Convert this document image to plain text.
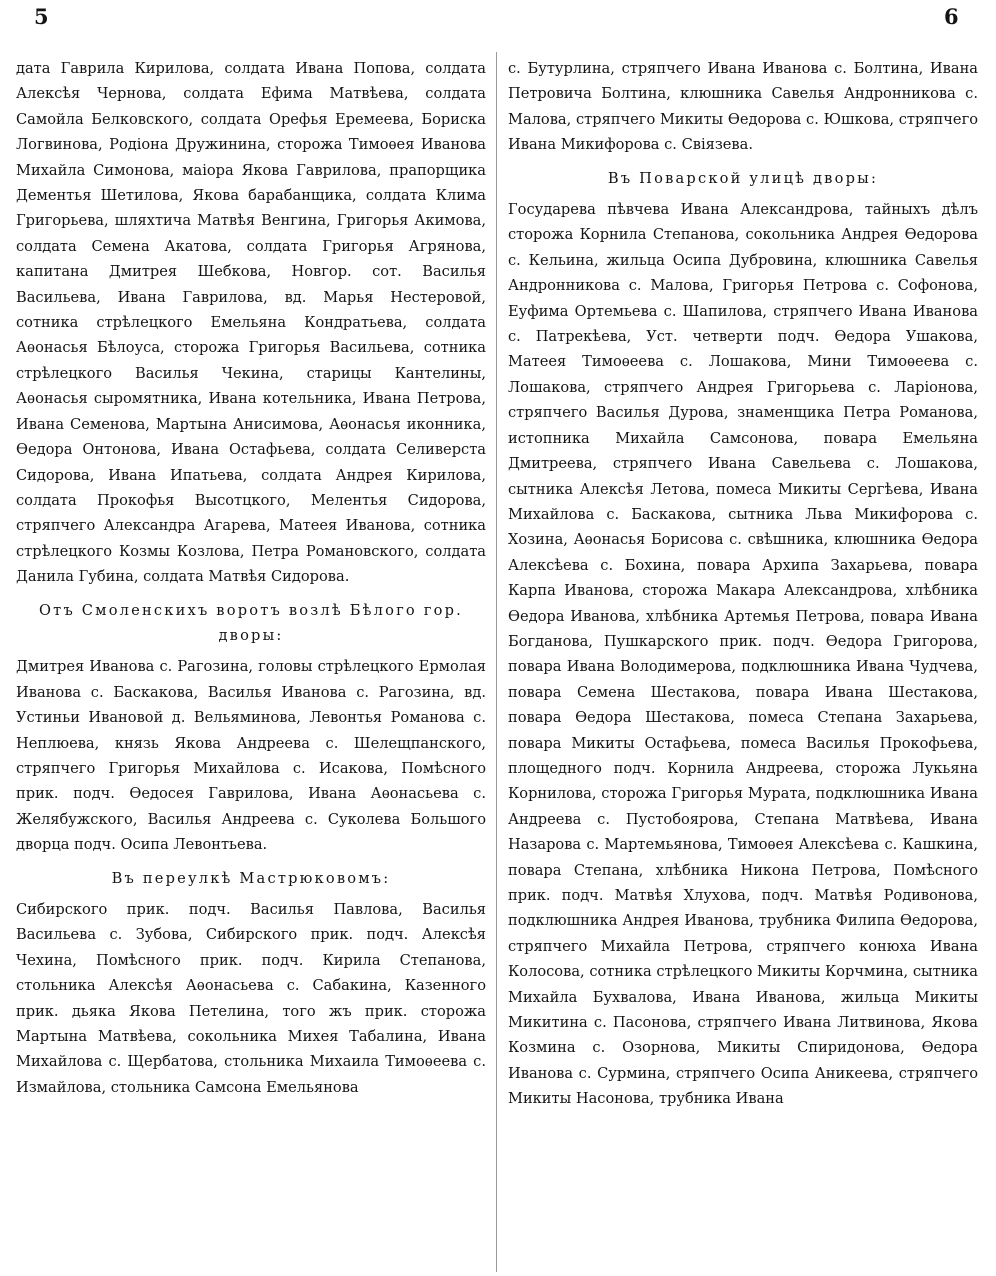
5	6

дата Гаврила Кирилова, солдата Ивана Попова, солдата Алексѣя Чернова, солдата Ефима Матвѣева, солдата Самойла Белковского, солдата Орефья Еремеева, Бориска Логвинова, Родiона Дружинина, сторожа Тимоѳея Иванова Михайла Симонова, маiора Якова Гаврилова, прапорщика Дементья Шетилова, Якова барабанщика, солдата Клима Григорьева, шляхтича Матвѣя Венгина, Григорья Акимова, солдата Семена Акатова, солдата Григорья Агрянова, капитана Дмитрея Шебкова, Новгор. сот. Василья Васильева, Ивана Гаврилова, вд. Марья Нестеровой, сотника стрѣлецкого Емельяна Кондратьева, солдата Аѳонасья Бѣлоуса, сторожа Григорья Васильева, сотника стрѣлецкого Василья Чекина, старицы Кантелины, Аѳонасья сыромятника, Ивана котельника, Ивана Петрова, Ивана Семенова, Мартына Анисимова, Аѳонасья иконника, Ѳедора Онтонова, Ивана Остафьева, солдата Селиверста Сидорова, Ивана Ипатьева, солдата Андрея Кирилова, солдата Прокофья Высотцкого, Мелентья Сидорова, стряпчего Александра Агарева, Матеея Иванова, сотника стрѣлецкого Козмы Козлова, Петра Романовского, солдата Данила Губина, солдата Матвѣя Сидорова.

Отъ Смоленскихъ воротъ возлѣ Бѣлого гор. дворы:

Дмитрея Иванова с. Рагозина, головы стрѣлецкого Ермолая Иванова с. Баскакова, Василья Иванова с. Рагозина, вд. Устиньи Ивановой д. Вельяминова, Левонтья Романова с. Неплюева, князь Якова Андреева с. Шелещпанского, стряпчего Григорья Михайлова с. Исакова, Помѣсного прик. подч. Ѳедосея Гаврилова, Ивана Аѳонасьева с. Желябужского, Василья Андреева с. Суколева Большого дворца подч. Осипа Левонтьева.

Въ переулкѣ Мастрюковомъ:

Сибирского прик. подч. Василья Павлова, Василья Васильева с. Зубова, Сибирского прик. подч. Алексѣя Чехина, Помѣсного прик. подч. Кирила Степанова, стольника Алексѣя Аѳонасьева с. Сабакина, Казенного прик. дьяка Якова Петелина, того жъ прик. сторожа Мартына Матвѣева, сокольника Михея Табалина, Ивана Михайлова с. Щербатова, стольника Михаила Тимоѳеева с. Измайлова, стольника Самсона Емельянова

с. Бутурлина, стряпчего Ивана Иванова с. Болтина, Ивана Петровича Болтина, клюшника Савелья Андронникова с. Малова, стряпчего Микиты Ѳедорова с. Юшкова, стряпчего Ивана Микифорова с. Свiязева.

Въ Поварской улицѣ дворы:

Государева пѣвчева Ивана Александрова, тайныхъ дѣлъ сторожа Корнила Степанова, сокольника Андрея Ѳедорова с. Кельина, жильца Осипа Дубровина, клюшника Савелья Андронникова с. Малова, Григорья Петрова с. Софонова, Еуфима Ортемьева с. Шапилова, стряпчего Ивана Иванова с. Патрекѣева, Уст. четверти подч. Ѳедора Ушакова, Матеея Тимоѳеева с. Лошакова, Мини Тимоѳеева с. Лошакова, стряпчего Андрея Григорьева с. Ларiонова, стряпчего Василья Дурова, знаменщика Петра Романова, истопника Михайла Самсонова, повара Емельяна Дмитреева, стряпчего Ивана Савельева с. Лошакова, сытника Алексѣя Летова, помеса Микиты Сергѣева, Ивана Михайлова с. Баскакова, сытника Льва Микифорова с. Хозина, Аѳонасья Борисова с. свѣшника, клюшника Ѳедора Алексѣева с. Бохина, повара Архипа Захарьева, повара Карпа Иванова, сторожа Макара Александрова, хлѣбника Ѳедора Иванова, хлѣбника Артемья Петрова, повара Ивана Богданова, Пушкарского прик. подч. Ѳедора Григорова, повара Ивана Володимерова, подклюшника Ивана Чудчева, повара Семена Шестакова, повара Ивана Шестакова, повара Ѳедора Шестакова, помеса Степана Захарьева, повара Микиты Остафьева, помеса Василья Прокофьева, площедного подч. Корнила Андреева, сторожа Лукьяна Корнилова, сторожа Григорья Мурата, подклюшника Ивана Андреева с. Пустобоярова, Степана Матвѣева, Ивана Назарова с. Мартемьянова, Тимоѳея Алексѣева с. Кашкина, повара Степана, хлѣбника Никона Петрова, Помѣсного прик. подч. Матвѣя Хлухова, подч. Матвѣя Родивонова, подклюшника Андрея Иванова, трубника Филипа Ѳедорова, стряпчего Михайла Петрова, стряпчего конюха Ивана Колосова, сотника стрѣлецкого Микиты Корчмина, сытника Михайла Бухвалова, Ивана Иванова, жильца Микиты Микитина с. Пасонова, стряпчего Ивана Литвинова, Якова Козмина с. Озорнова, Микиты Спиридонова, Ѳедора Иванова с. Сурмина, стряпчего Осипа Аникеева, стряпчего Микиты Насонова, трубника Ивана
